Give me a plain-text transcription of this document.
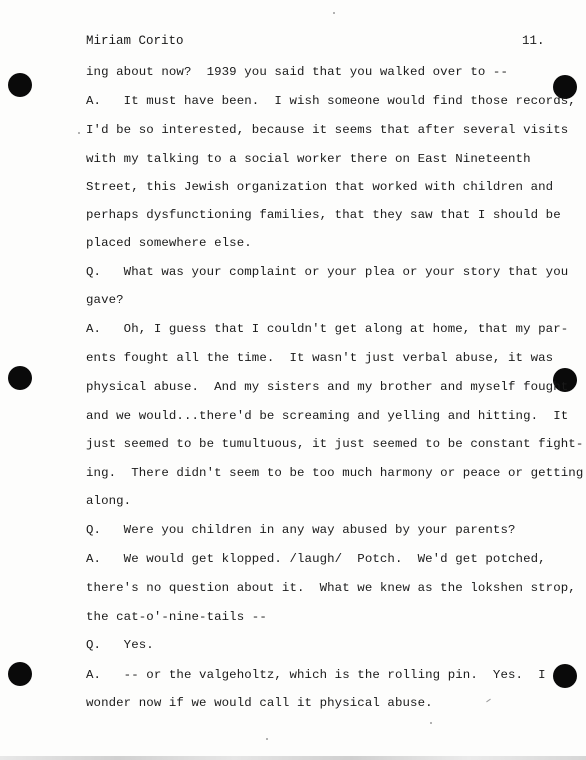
Miriam Corito	11.
ing about now?  1939 you said that you walked over to --
A.   It must have been.  I wish someone would find those records,
I'd be so interested, because it seems that after several visits
with my talking to a social worker there on East Nineteenth
Street, this Jewish organization that worked with children and
perhaps dysfunctioning families, that they saw that I should be
placed somewhere else.
Q.   What was your complaint or your plea or your story that you
gave?
A.   Oh, I guess that I couldn't get along at home, that my par-
ents fought all the time.  It wasn't just verbal abuse, it was
physical abuse.  And my sisters and my brother and myself fought
and we would...there'd be screaming and yelling and hitting.  It
just seemed to be tumultuous, it just seemed to be constant fight-
ing.  There didn't seem to be too much harmony or peace or getting
along.
Q.   Were you children in any way abused by your parents?
A.   We would get klopped. /laugh/  Potch.  We'd get potched,
there's no question about it.  What we knew as the lokshen strop,
the cat-o'-nine-tails --
Q.   Yes.
A.   -- or the valgeholtz, which is the rolling pin.  Yes.  I
wonder now if we would call it physical abuse.
